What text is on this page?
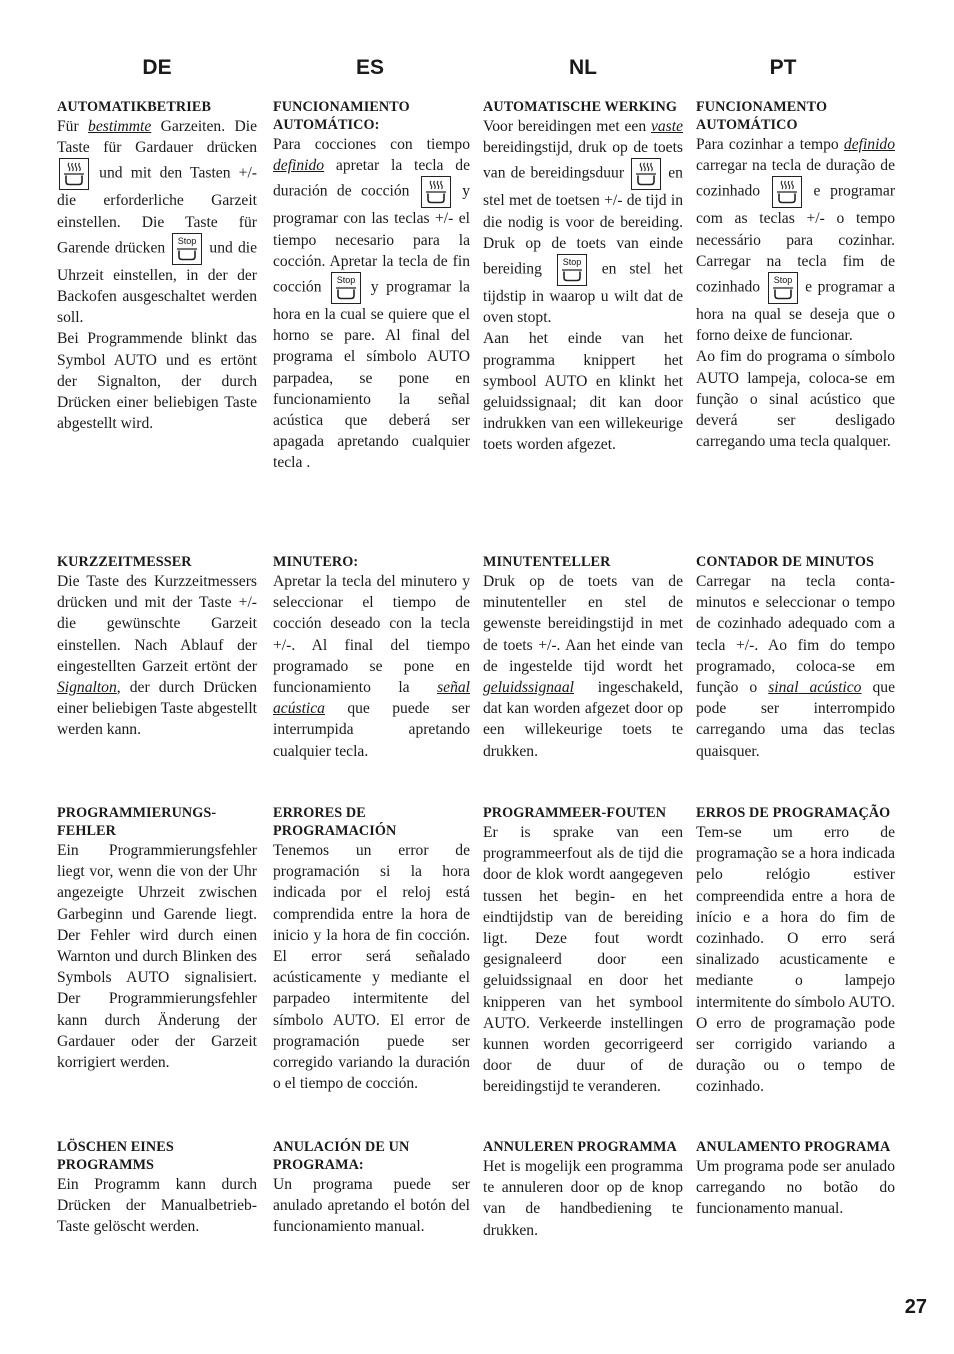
DE	ES	NL	PT
AUTOMATIKBETRIEB
Für bestimmte Garzeiten. Die Taste für Gardauer drücken
und mit den Tasten +/- die erforderliche Garzeit einstellen. Die Taste für Garende drücken Stop und die Uhrzeit einstellen, in der der Backofen ausgeschaltet werden soll.

Bei Programmende blinkt das Symbol AUTO und es ertönt der Signalton, der durch Drücken einer beliebigen Taste abgestellt wird.

FUNCIONAMIENTO AUTOMÁTICO:
Para cocciones con tiempo definido apretar la tecla de duración de cocción	y programar con las teclas +/- el tiempo necesario para la cocción. Apretar la tecla de fin cocción Stop y programar la hora en la cual se quiere que el horno se pare. Al final del programa el símbolo AUTO parpadea, se pone en funcionamiento la señal acústica que deberá ser apagada apretando cualquier tecla .
AUTOMATISCHE WERKING
Voor bereidingen met een vaste bereidingstijd, druk op de toets van de bereidingsduur	en stel met de toetsen +/- de tijd in die nodig is voor de bereiding. Druk op de toets van einde bereiding Stop en stel het tijdstip in waarop u wilt dat de oven stopt.

Aan het einde van het programma knippert het symbool AUTO en klinkt het geluidssignaal; dit kan door indrukken van een willekeurige toets worden afgezet.

FUNCIONAMENTO AUTOMÁTICO
Para cozinhar a tempo definido carregar na tecla de duração de cozinhado	e programar com as teclas +/- o tempo necessário para cozinhar. Carregar na tecla fim de cozinhado Stop e programar a hora na qual se deseja que o forno deixe de funcionar.

Ao fim do programa o símbolo AUTO lampeja, coloca-se em função o sinal acústico que deverá ser desligado carregando uma tecla qualquer.

KURZZEITMESSER
Die Taste des Kurzzeitmessers drücken und mit der Taste +/- die gewünschte Garzeit einstellen. Nach Ablauf der eingestellten Garzeit ertönt der Signalton, der durch Drücken einer beliebigen Taste abgestellt werden kann.
PROGRAMMIERUNGS-FEHLER
Ein Programmierungsfehler liegt vor, wenn die von der Uhr angezeigte Uhrzeit zwischen Garbeginn und Garende liegt. Der Fehler wird durch einen Warnton und durch Blinken des Symbols AUTO signalisiert. Der Programmierungsfehler kann durch Änderung der Gardauer oder der Garzeit korrigiert werden.
LÖSCHEN EINES PROGRAMMS
Ein Programm kann durch Drücken der Manualbetrieb-Taste gelöscht werden.
MINUTERO:
Apretar la tecla del minutero y seleccionar el tiempo de cocción deseado con la tecla +/-. Al final del tiempo programado se pone en funcionamiento la señal acústica que puede ser interrumpida apretando cualquier tecla.
ERRORES DE PROGRAMACIÓN
Tenemos un error de programación si la hora indicada por el reloj está comprendida entre la hora de inicio y la hora de fin cocción. El error será señalado acústicamente y mediante el parpadeo intermitente del símbolo AUTO. El error de programación puede ser corregido variando la duración o el tiempo de cocción.
ANULACIÓN DE UN PROGRAMA:
Un programa puede ser anulado apretando el botón del funcionamiento manual.
MINUTENTELLER
Druk op de toets van de minutenteller en stel de gewenste bereidingstijd in met de toets +/-. Aan het einde van de ingestelde tijd wordt het geluidssignaal ingeschakeld, dat kan worden afgezet door op een willekeurige toets te drukken.
PROGRAMMEER-FOUTEN
Er is sprake van een programmeerfout als de tijd die door de klok wordt aangegeven tussen het begin- en het eindtijdstip van de bereiding ligt. Deze fout wordt gesignaleerd door een geluidssignaal en door het knipperen van het symbool AUTO. Verkeerde instellingen kunnen worden gecorrigeerd door de duur of de bereidingstijd te veranderen.
ANNULEREN PROGRAMMA
Het is mogelijk een programma te annuleren door op de knop van de handbediening te drukken.
CONTADOR DE MINUTOS
Carregar na tecla conta-minutos e seleccionar o tempo de cozinhado adequado com a tecla +/-. Ao fim do tempo programado, coloca-se em função o sinal acústico que pode ser interrompido carregando uma das teclas quaisquer.
ERROS DE PROGRAMAÇÃO
Tem-se um erro de programação se a hora indicada pelo relógio estiver compreendida entre a hora de início e a hora do fim de cozinhado. O erro será sinalizado acusticamente e mediante o lampejo intermitente do símbolo AUTO. O erro de programação pode ser corrigido variando a duração ou o tempo de cozinhado.
ANULAMENTO PROGRAMA
Um programa pode ser anulado carregando no botão do funcionamento manual.
27
